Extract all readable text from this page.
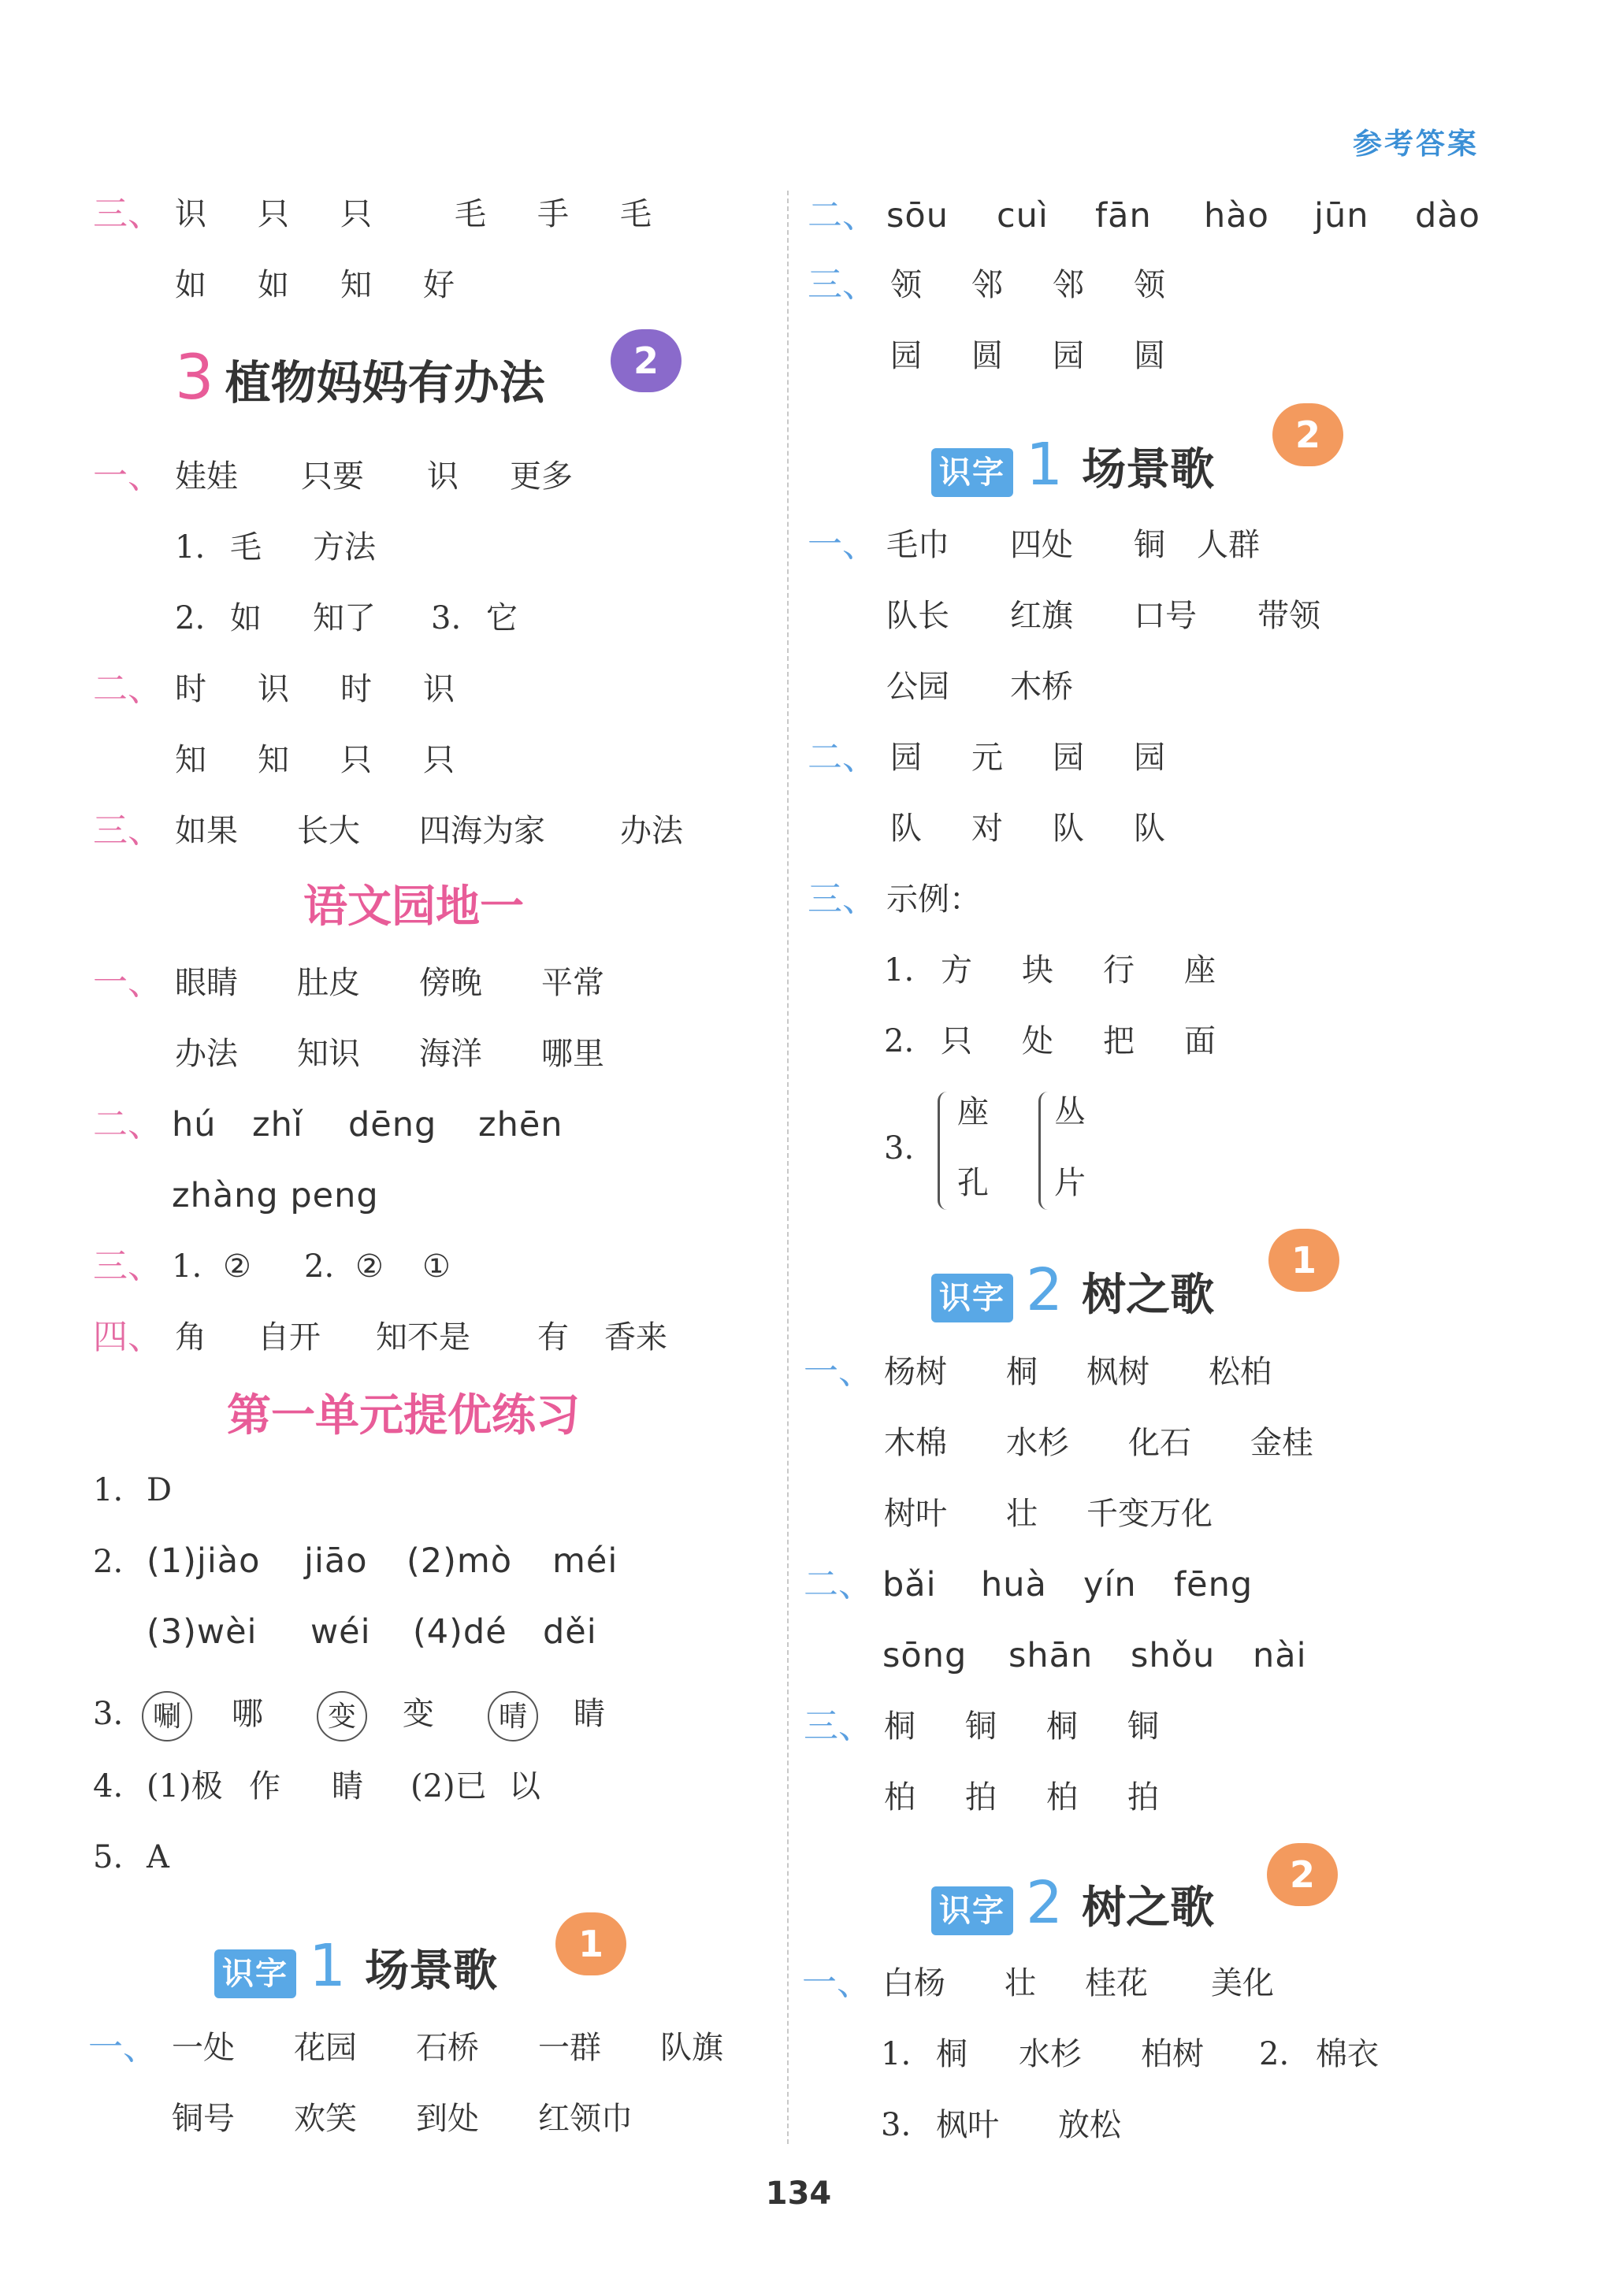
参考答案
三、 识 只 只	毛 手 毛
如 如 知 好
3 植物妈妈有办法	2
一、 娃娃 只要 识 更多
1. 毛 方法
2. 如 知了 3. 它
二、 时 识 时 识
知 知 只 只
三、 如果 长大 四海为家 办法
语文园地一
一、 眼睛 肚皮 傍晚 平常
办法 知识 海洋 哪里
二、 hú zhǐ dēng zhēn
zhàng peng
三、 1. ② 2. ② ①
四、 角 自开 知不是 有 香来
第一单元提优练习
1. D
2. (1)jiào jiāo (2)mò méi
(3)wèi wéi (4)dé děi
3. 唰 哪 变 变 晴 睛
4. (1)极 作 睛 (2)已 以
5. A
识字 1 场景歌
1
一、 一处 花园 石桥 一群 队旗
铜号 欢笑 到处 红领巾
二、 sōu cuì fān hào jūn dào
三、 领 邻 邻 领
园 圆 园 圆
识字 1 场景歌
2
一、 毛巾 四处 铜 人群
队长 红旗 口号 带领
公园 木桥
二、 园 元 园 园
队 对 队 队
三、 示例：
1. 方 块 行 座
2. 只 处 把 面
3.
座
孔
丛
片
识字 2 树之歌
1
一、 杨树 桐 枫树 松柏
木棉 水杉 化石 金桂
树叶 壮 千变万化
二、 bǎi huà yín fēng
sōng shān shǒu nài
三、 桐 铜 桐 铜
柏 拍 柏 拍
识字 2 树之歌
2
一、 白杨 壮 桂花 美化
1. 桐 水杉 柏树 2. 棉衣
3. 枫叶 放松
134
